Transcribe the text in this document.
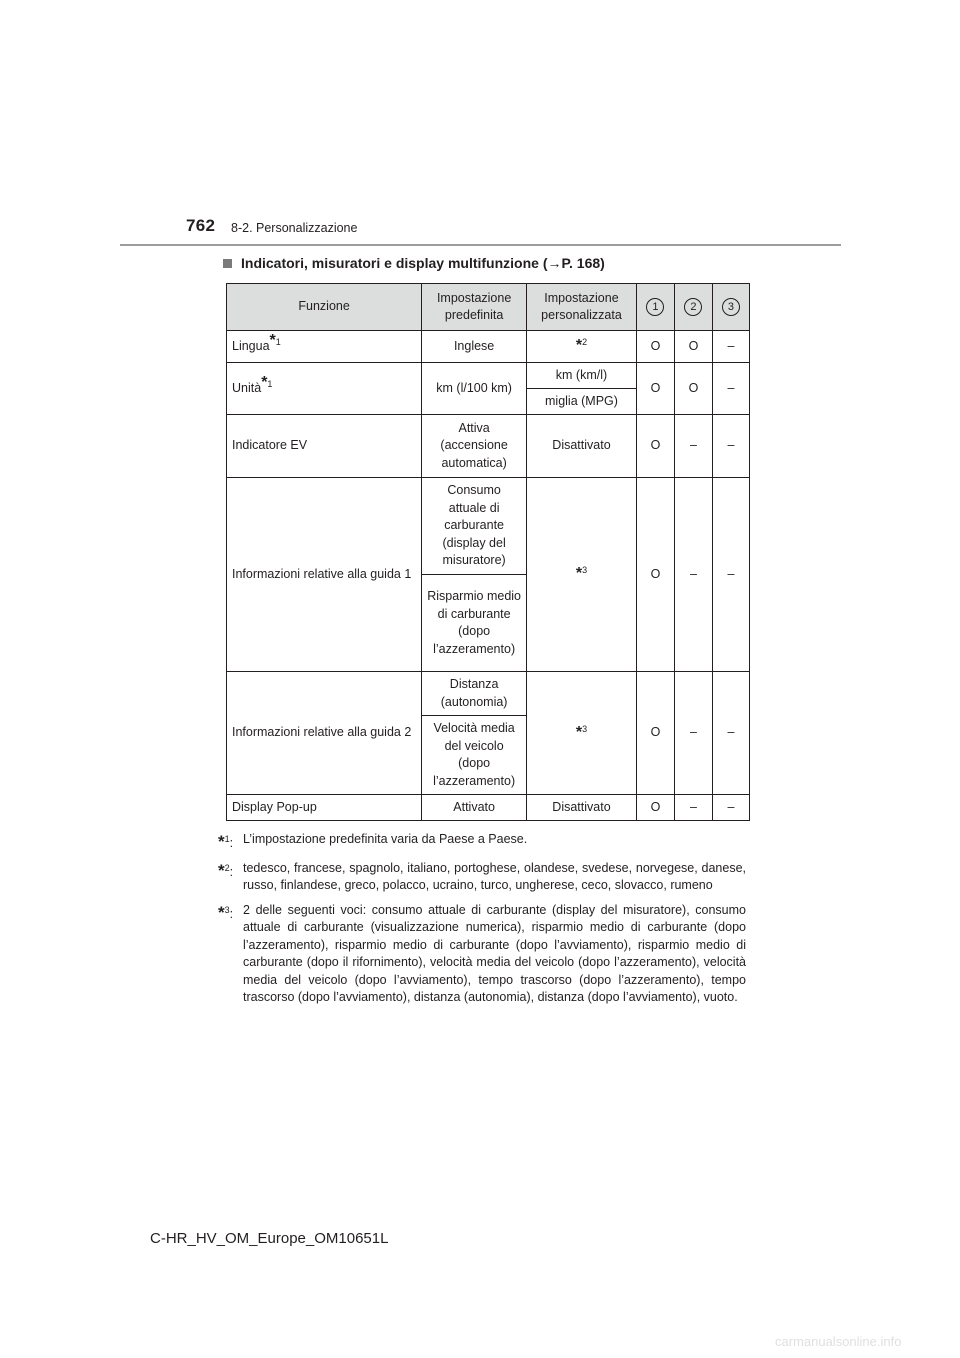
762 8-2. Personalizzazione
Indicatori, misuratori e display multifunzione (→P. 168)
Funzione	Impostazione predefinita	Impostazione personalizzata	1	2	3
Lingua$^{*1}$	Inglese	*$^2$	O	O	–
Unità$^{*1}$	km (l/100 km)	km (km/l)	O	O	–
		miglia (MPG)			
Indicatore EV	Attiva (accensione automatica)	Disattivato	O	–	–
Informazioni relative alla guida 1	Consumo attuale di carburante (display del misuratore)	*$^3$	O	–	–
	Risparmio medio di carburante (dopo l’azzeramento)				
Informazioni relative alla guida 2	Distanza (autonomia)	*$^3$	O	–	–
	Velocità media del veicolo (dopo l’azzeramento)				
Display Pop-up	Attivato	Disattivato	O	–	–
*$^1$: L’impostazione predefinita varia da Paese a Paese.
*$^2$: tedesco, francese, spagnolo, italiano, portoghese, olandese, svedese, norvegese, danese, russo, finlandese, greco, polacco, ucraino, turco, ungherese, ceco, slovacco, rumeno
*$^3$: 2 delle seguenti voci: consumo attuale di carburante (display del misuratore), consumo attuale di carburante (visualizzazione numerica), risparmio medio di carburante (dopo l’azzeramento), risparmio medio di carburante (dopo l’avviamento), risparmio medio di carburante (dopo il rifornimento), velocità media del veicolo (dopo l’azzeramento), velocità media del veicolo (dopo l’avviamento), tempo trascorso (dopo l’azzeramento), tempo trascorso (dopo l’avviamento), distanza (autonomia), distanza (dopo l’avviamento), vuoto.
C-HR_HV_OM_Europe_OM10651L
carmanualsonline.info
